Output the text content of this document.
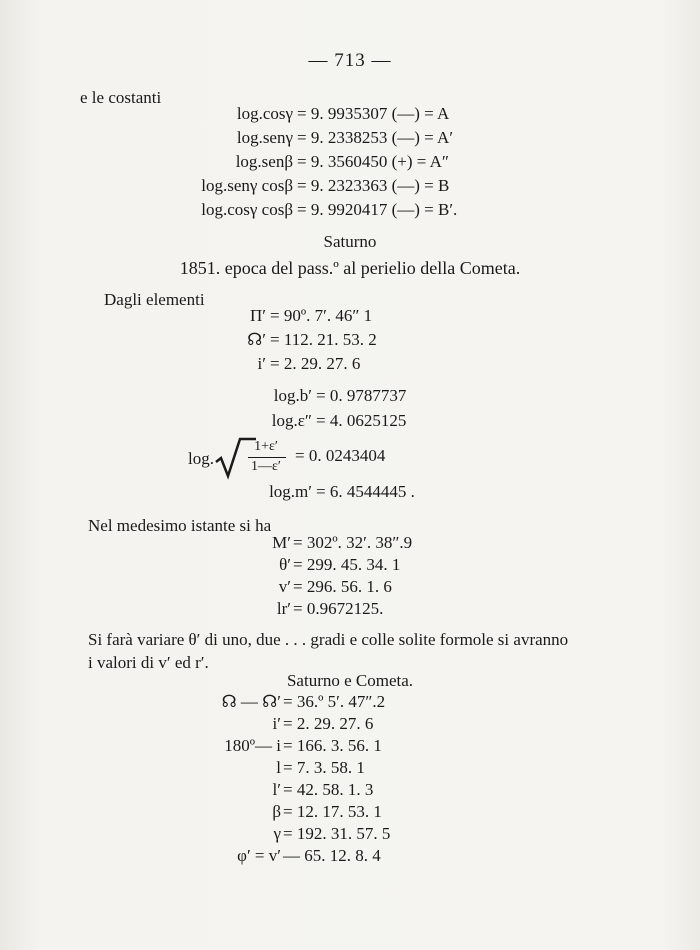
— 713 —
e le costanti
log.cosγ = 9. 9935307 (—) = A
log.senγ = 9. 2338253 (—) = A′
log.senβ = 9. 3560450 (+) = A″
log.senγ cosβ = 9. 2323363 (—) = B
log.cosγ cosβ = 9. 9920417 (—) = B′.
Saturno
1851. epoca del pass.º al perielio della Cometa.
Dagli elementi
Π′ = 90º. 7′. 46″ 1
☊′ = 112. 21. 53. 2
i′ = 2. 29. 27. 6
log.b′ = 0. 9787737
log.ε″ = 4. 0625125
log.
1+ε′
1—ε′
= 0. 0243404
log.m′ = 6. 4544445 .
Nel medesimo istante si ha
M′ = 302º. 32′. 38″.9
θ′ = 299. 45. 34. 1
v′ = 296. 56. 1. 6
lr′ = 0.9672125.
Si farà variare θ′ di uno, due . . . gradi e colle solite formole si avranno
i valori di v′ ed r′.
Saturno e Cometa.
☊ — ☊′ = 36.º 5′. 47″.2
i′ = 2. 29. 27. 6
180º— i = 166. 3. 56. 1
l = 7. 3. 58. 1
l′ = 42. 58. 1. 3
β = 12. 17. 53. 1
γ = 192. 31. 57. 5
φ′ = v′ — 65. 12. 8. 4
